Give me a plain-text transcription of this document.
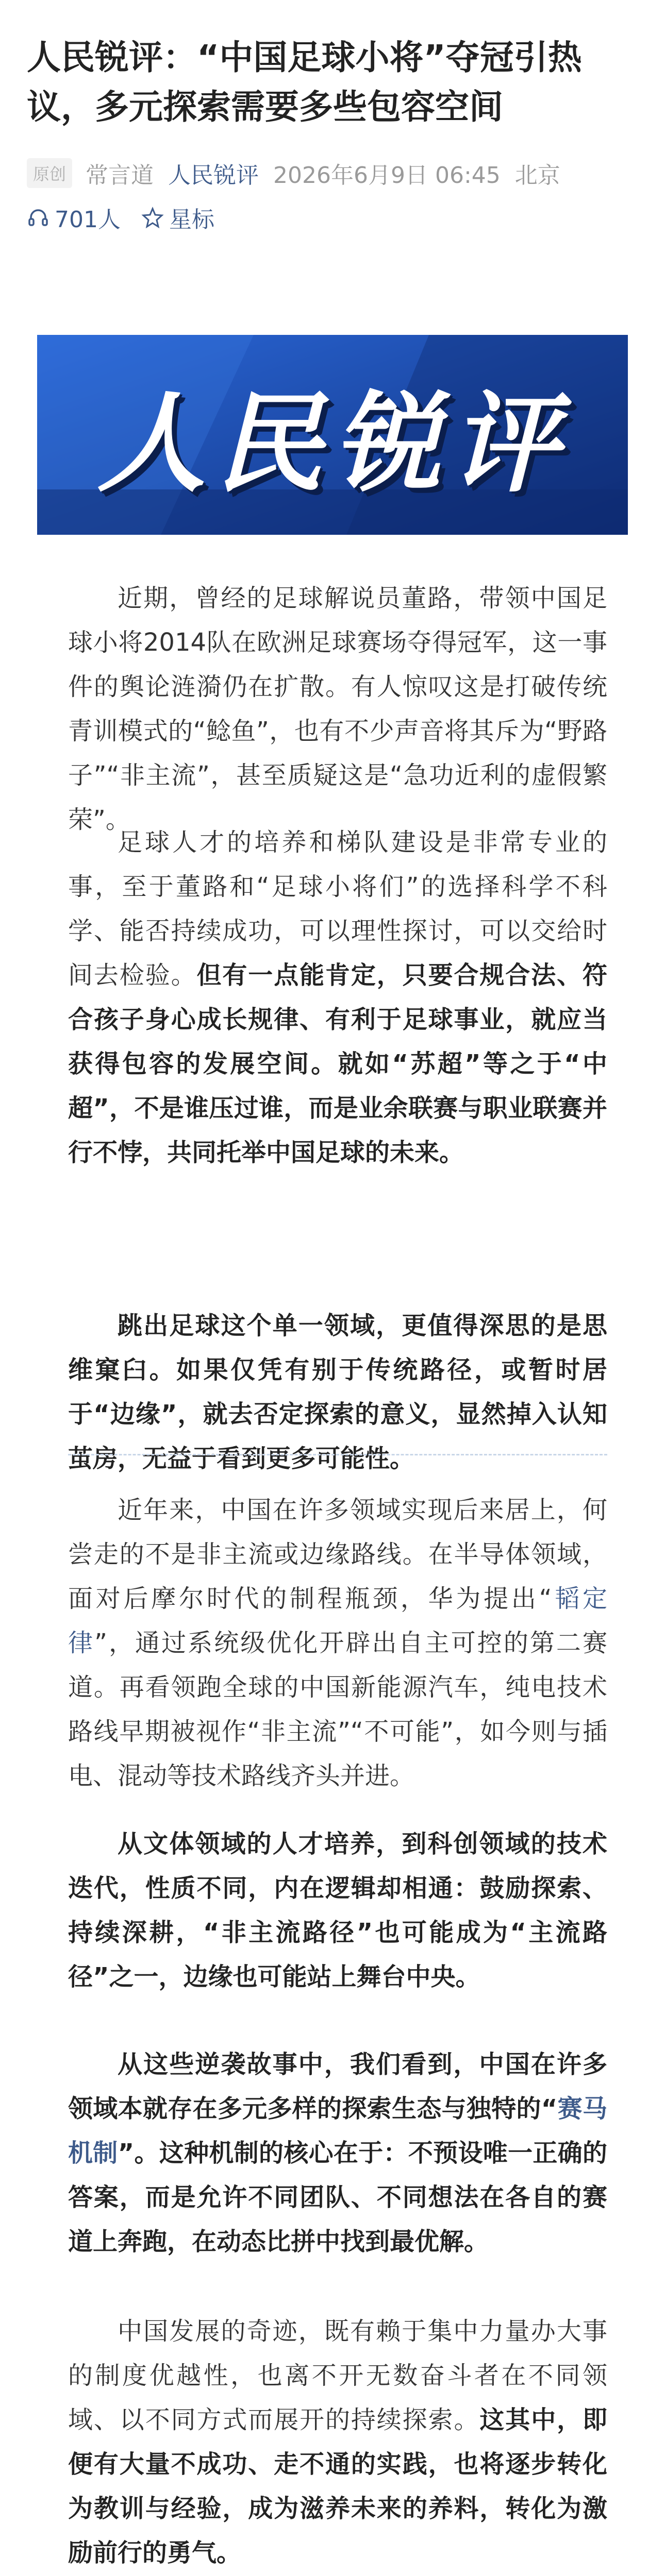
人民锐评：“中国足球小将”夺冠引热议，多元探索需要多些包容空间
原创 常言道 人民锐评 2026年6月9日 06:45 北京
701人 星标
人民锐评

近期，曾经的足球解说员董路，带领中国足球小将2014队在欧洲足球赛场夺得冠军，这一事件的舆论涟漪仍在扩散。有人惊叹这是打破传统青训模式的“鲶鱼”，也有不少声音将其斥为“野路子”“非主流”，甚至质疑这是“急功近利的虚假繁荣”。

足球人才的培养和梯队建设是非常专业的事，至于董路和“足球小将们”的选择科学不科学、能否持续成功，可以理性探讨，可以交给时间去检验。但有一点能肯定，只要合规合法、符合孩子身心成长规律、有利于足球事业，就应当获得包容的发展空间。就如“苏超”等之于“中超”，不是谁压过谁，而是业余联赛与职业联赛并行不悖，共同托举中国足球的未来。

跳出足球这个单一领域，更值得深思的是思维窠臼。如果仅凭有别于传统路径，或暂时居于“边缘”，就去否定探索的意义，显然掉入认知茧房，无益于看到更多可能性。

近年来，中国在许多领域实现后来居上，何尝走的不是非主流或边缘路线。在半导体领域，面对后摩尔时代的制程瓶颈，华为提出“韬定律”，通过系统级优化开辟出自主可控的第二赛道。再看领跑全球的中国新能源汽车，纯电技术路线早期被视作“非主流”“不可能”，如今则与插电、混动等技术路线齐头并进。

从文体领域的人才培养，到科创领域的技术迭代，性质不同，内在逻辑却相通：鼓励探索、持续深耕，“非主流路径”也可能成为“主流路径”之一，边缘也可能站上舞台中央。

从这些逆袭故事中，我们看到，中国在许多领域本就存在多元多样的探索生态与独特的“赛马机制”。这种机制的核心在于：不预设唯一正确的答案，而是允许不同团队、不同想法在各自的赛道上奔跑，在动态比拼中找到最优解。

中国发展的奇迹，既有赖于集中力量办大事的制度优越性，也离不开无数奋斗者在不同领域、以不同方式而展开的持续探索。这其中，即便有大量不成功、走不通的实践，也将逐步转化为教训与经验，成为滋养未来的养料，转化为激励前行的勇气。
